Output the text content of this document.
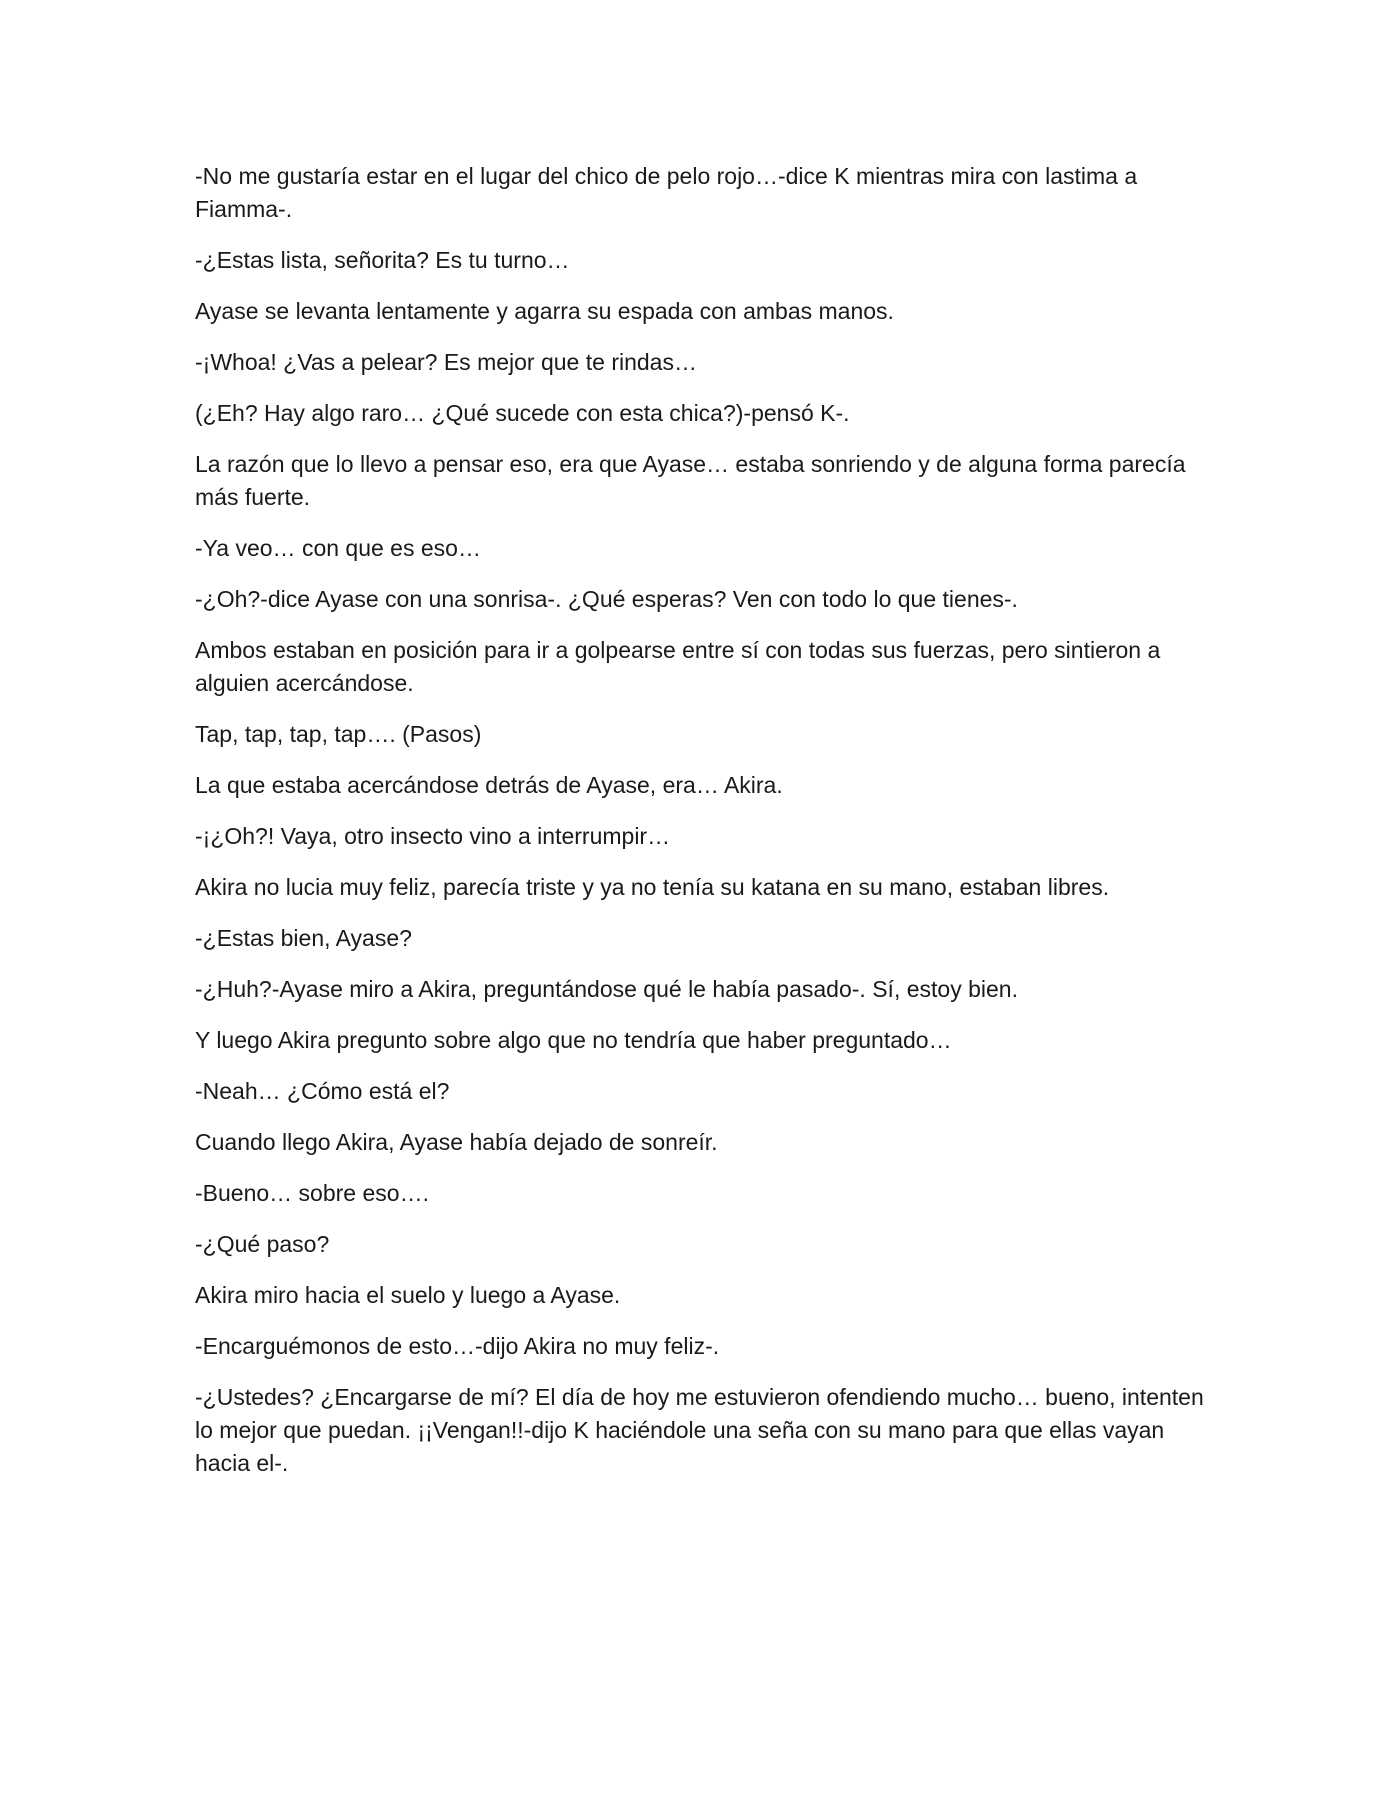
-No me gustaría estar en el lugar del chico de pelo rojo…-dice K mientras mira con lastima a Fiamma-.

-¿Estas lista, señorita? Es tu turno…

Ayase se levanta lentamente y agarra su espada con ambas manos.

-¡Whoa! ¿Vas a pelear? Es mejor que te rindas…

(¿Eh? Hay algo raro… ¿Qué sucede con esta chica?)-pensó K-.

La razón que lo llevo a pensar eso, era que Ayase… estaba sonriendo y de alguna forma parecía más fuerte.

-Ya veo… con que es eso…

-¿Oh?-dice Ayase con una sonrisa-. ¿Qué esperas? Ven con todo lo que tienes-.

Ambos estaban en posición para ir a golpearse entre sí con todas sus fuerzas, pero sintieron a alguien acercándose.

Tap, tap, tap, tap…. (Pasos)

La que estaba acercándose detrás de Ayase, era… Akira.

-¡¿Oh?! Vaya, otro insecto vino a interrumpir…

Akira no lucia muy feliz, parecía triste y ya no tenía su katana en su mano, estaban libres.

-¿Estas bien, Ayase?

-¿Huh?-Ayase miro a Akira, preguntándose qué le había pasado-. Sí, estoy bien.

Y luego Akira pregunto sobre algo que no tendría que haber preguntado…

-Neah… ¿Cómo está el?

Cuando llego Akira, Ayase había dejado de sonreír.

-Bueno… sobre eso….

-¿Qué paso?

Akira miro hacia el suelo y luego a Ayase.

-Encarguémonos de esto…-dijo Akira no muy feliz-.

-¿Ustedes? ¿Encargarse de mí? El día de hoy me estuvieron ofendiendo mucho… bueno, intenten lo mejor que puedan. ¡¡Vengan!!-dijo K haciéndole una seña con su mano para que ellas vayan hacia el-.
